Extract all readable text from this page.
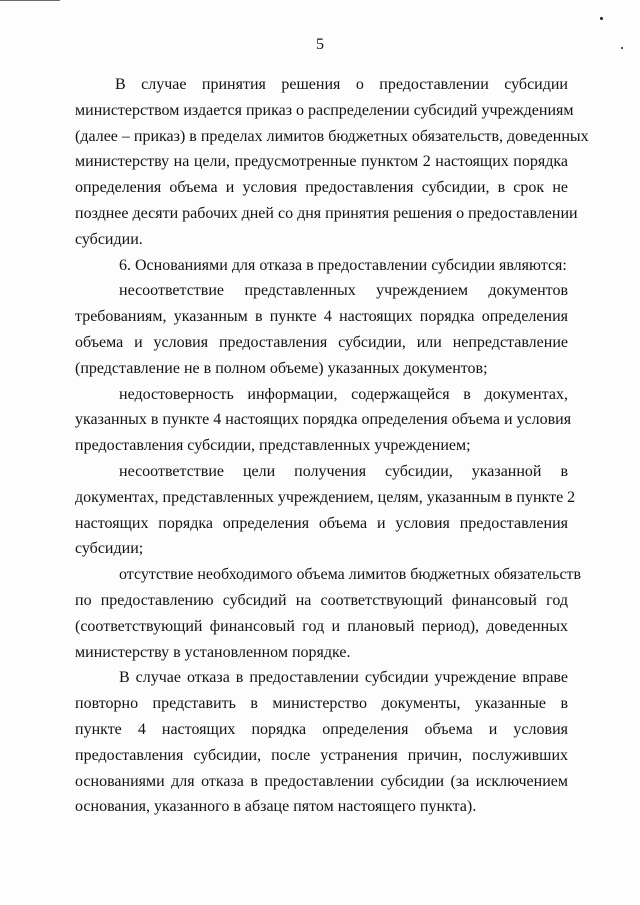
5
В случае принятия решения о предоставлении субсидии
министерством издается приказ о распределении субсидий учреждениям
(далее – приказ) в пределах лимитов бюджетных обязательств, доведенных
министерству на цели, предусмотренные пунктом 2 настоящих порядка
определения объема и условия предоставления субсидии, в срок не
позднее десяти рабочих дней со дня принятия решения о предоставлении
субсидии.
6. Основаниями для отказа в предоставлении субсидии являются:
несоответствие представленных учреждением документов
требованиям, указанным в пункте 4 настоящих порядка определения
объема и условия предоставления субсидии, или непредставление
(представление не в полном объеме) указанных документов;
недостоверность информации, содержащейся в документах,
указанных в пункте 4 настоящих порядка определения объема и условия
предоставления субсидии, представленных учреждением;
несоответствие цели получения субсидии, указанной в
документах, представленных учреждением, целям, указанным в пункте 2
настоящих порядка определения объема и условия предоставления
субсидии;
отсутствие необходимого объема лимитов бюджетных обязательств
по предоставлению субсидий на соответствующий финансовый год
(соответствующий финансовый год и плановый период), доведенных
министерству в установленном порядке.
В случае отказа в предоставлении субсидии учреждение вправе
повторно представить в министерство документы, указанные в
пункте 4 настоящих порядка определения объема и условия
предоставления субсидии, после устранения причин, послуживших
основаниями для отказа в предоставлении субсидии (за исключением
основания, указанного в абзаце пятом настоящего пункта).
